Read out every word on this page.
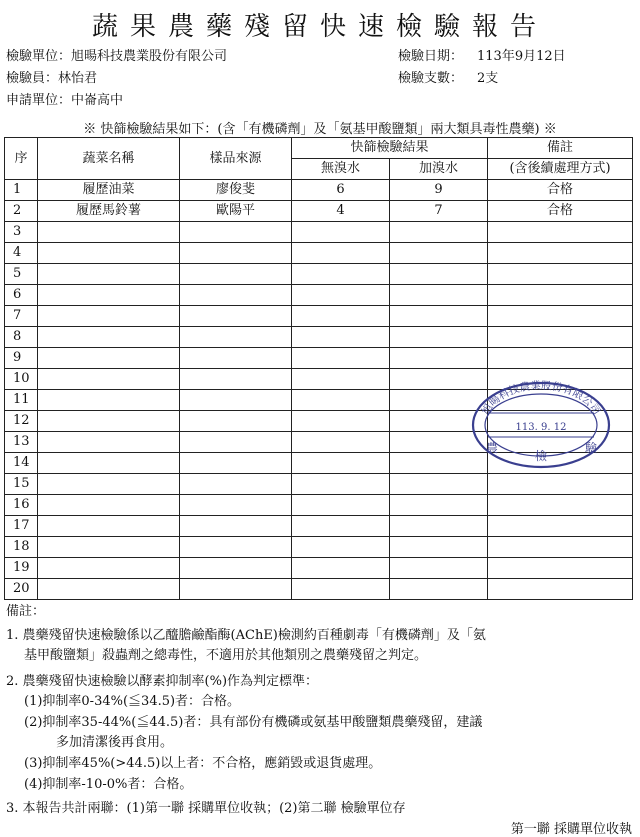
蔬果農藥殘留快速檢驗報告
檢驗單位：旭暘科技農業股份有限公司	檢驗日期： 113年9月12日
檢驗員：林怡君	檢驗支數： 2支
申請單位：中崙高中
※ 快篩檢驗結果如下：(含「有機磷劑」及「氨基甲酸鹽類」兩大類具毒性農藥) ※
序	蔬菜名稱	樣品來源	快篩檢驗結果		備註
			無溴水	加溴水	(含後續處理方式)
1	履歷油菜	廖俊斐	6	9	合格
2	履歷馬鈴薯	歐陽平	4	7	合格
3					
4					
5					
6					
7					
8					
9					
10					
11					
12					
13					
14					
15					
16					
17					
18					
19					
20					
旭暘科技農業股份有限公司
113. 9. 12
檢
農	驗
備註：
1. 農藥殘留快速檢驗係以乙醯膽鹼酯酶(AChE)檢測約百種劇毒「有機磷劑」及「氨
基甲酸鹽類」殺蟲劑之總毒性，不適用於其他類別之農藥殘留之判定。
2. 農藥殘留快速檢驗以酵素抑制率(%)作為判定標準：
(1)抑制率0-34%(≦34.5)者：合格。
(2)抑制率35-44%(≦44.5)者：具有部份有機磷或氨基甲酸鹽類農藥殘留，建議
多加清潔後再食用。
(3)抑制率45%(>44.5)以上者：不合格，應銷毀或退貨處理。
(4)抑制率-10-0%者：合格。
3. 本報告共計兩聯：(1)第一聯 採購單位收執；(2)第二聯 檢驗單位存
第一聯 採購單位收執
